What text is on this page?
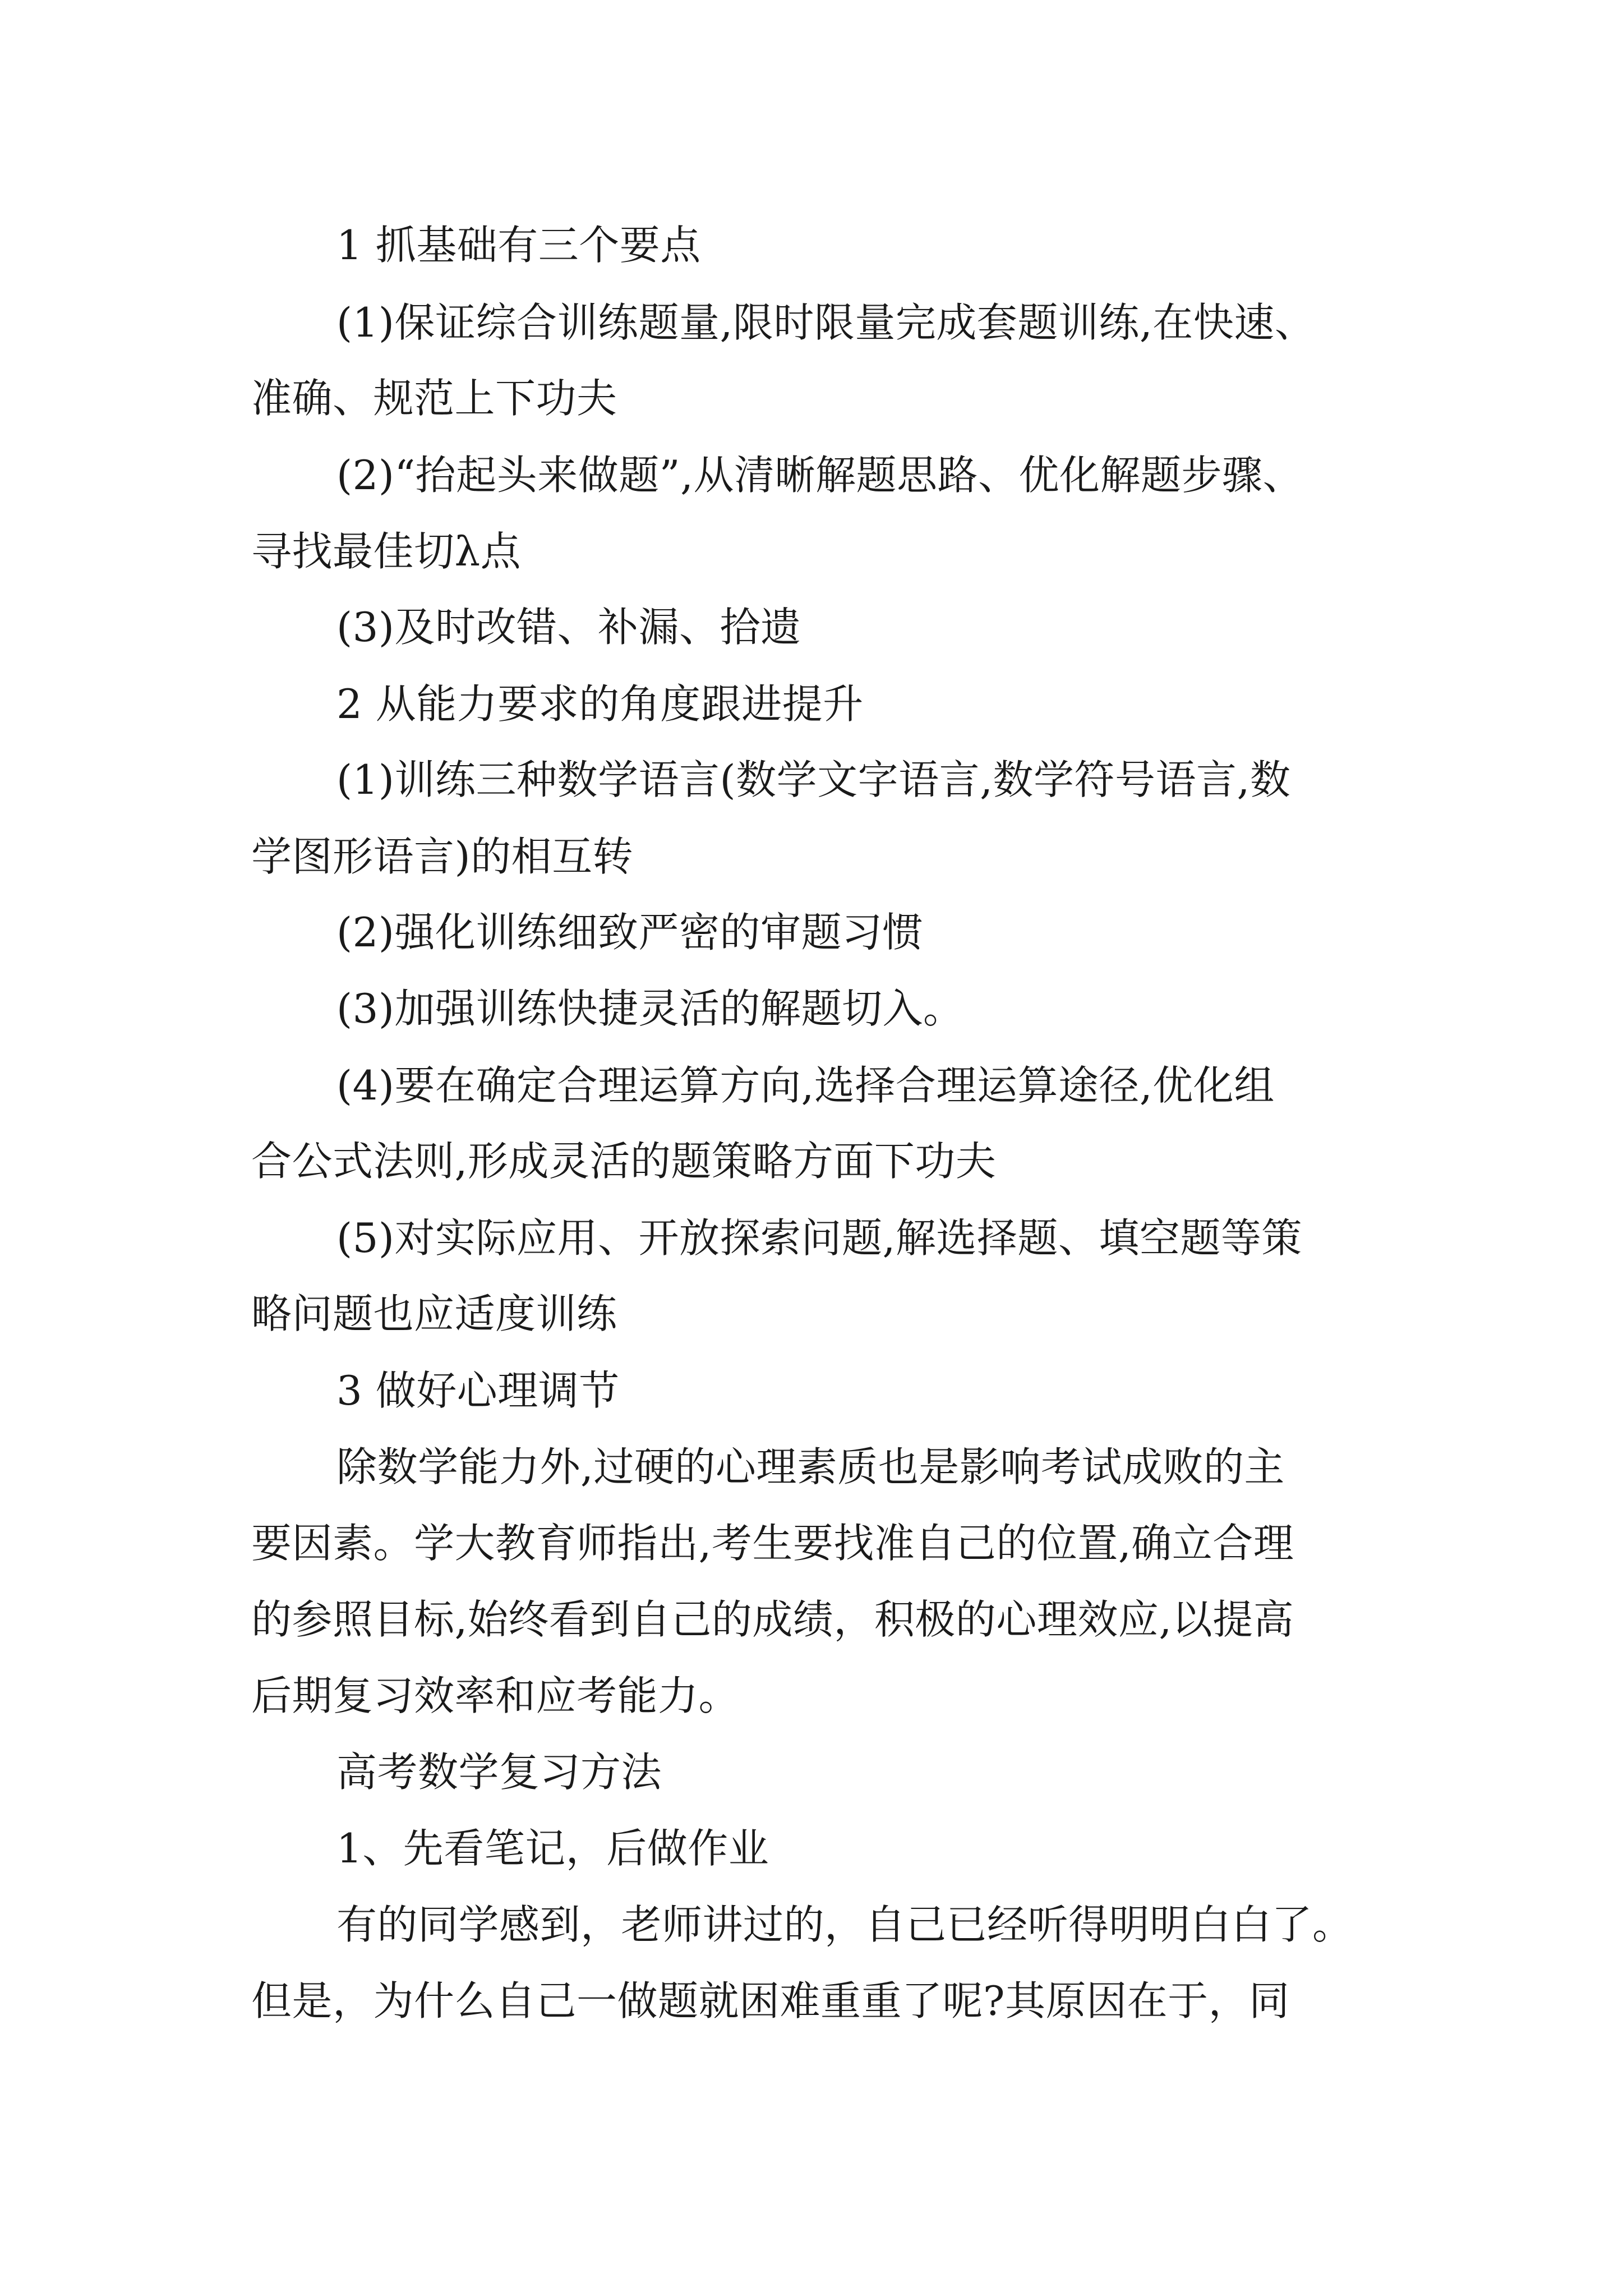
1 抓基础有三个要点
(1)保证综合训练题量,限时限量完成套题训练,在快速、
准确、规范上下功夫
(2)“抬起头来做题”,从清晰解题思路、优化解题步骤、
寻找最佳切λ点
(3)及时改错、补漏、拾遗
2 从能力要求的角度跟进提升
(1)训练三种数学语言(数学文字语言,数学符号语言,数
学图形语言)的相互转
(2)强化训练细致严密的审题习惯
(3)加强训练快捷灵活的解题切入。
(4)要在确定合理运算方向,选择合理运算途径,优化组
合公式法则,形成灵活的题策略方面下功夫
(5)对实际应用、开放探索问题,解选择题、填空题等策
略问题也应适度训练
3 做好心理调节
除数学能力外,过硬的心理素质也是影响考试成败的主
要因素。学大教育师指出,考生要找准自己的位置,确立合理
的参照目标,始终看到自己的成绩，积极的心理效应,以提高
后期复习效率和应考能力。
高考数学复习方法
1、先看笔记，后做作业
有的同学感到，老师讲过的，自己已经听得明明白白了。
但是，为什么自己一做题就困难重重了呢?其原因在于，同
